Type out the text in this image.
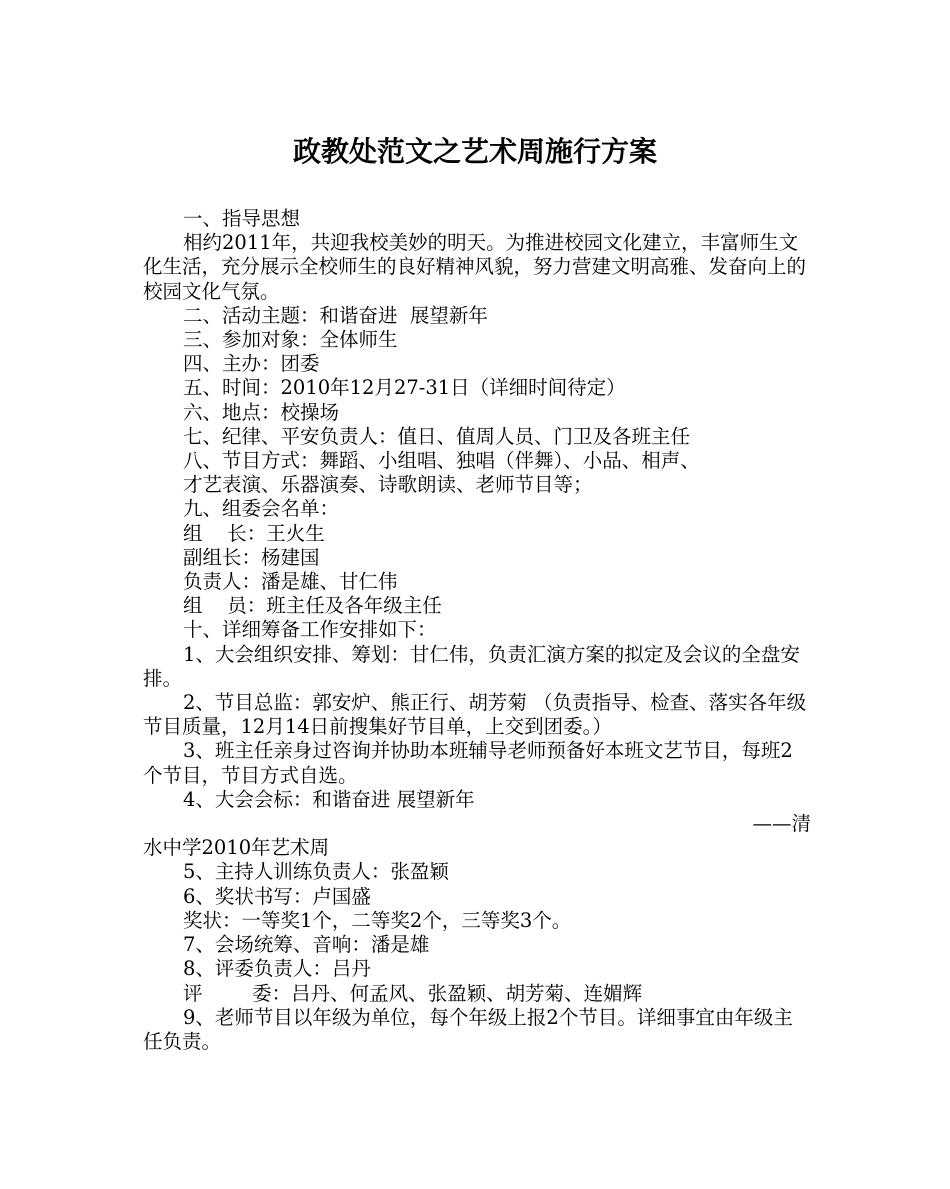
政教处范文之艺术周施行方案

一、指导思想

相约2011年，共迎我校美妙的明天。为推进校园文化建立，丰富师生文化生活，充分展示全校师生的良好精神风貌，努力营建文明高雅、发奋向上的校园文化气氛。

二、活动主题：和谐奋进  展望新年

三、参加对象：全体师生

四、主办：团委

五、时间：2010年12月27-31日（详细时间待定）

六、地点：校操场

七、纪律、平安负责人：值日、值周人员、门卫及各班主任

八、节目方式：舞蹈、小组唱、独唱（伴舞）、小品、相声、

才艺表演、乐器演奏、诗歌朗读、老师节目等；

九、组委会名单：

组    长：王火生

副组长：杨建国

负责人：潘是雄、甘仁伟

组    员：班主任及各年级主任

十、详细筹备工作安排如下：

1、大会组织安排、筹划：甘仁伟，负责汇演方案的拟定及会议的全盘安排。

2、节目总监：郭安炉、熊正行、胡芳菊 （负责指导、检查、落实各年级节目质量，12月14日前搜集好节目单，上交到团委。）

3、班主任亲身过咨询并协助本班辅导老师预备好本班文艺节目，每班2个节目，节目方式自选。

4、大会会标：和谐奋进 展望新年

——清

水中学2010年艺术周

5、主持人训练负责人：张盈颖

6、奖状书写：卢国盛

奖状：一等奖1个，二等奖2个，三等奖3个。

7、会场统筹、音响：潘是雄

8、评委负责人：吕丹

评        委：吕丹、何孟风、张盈颖、胡芳菊、连媚辉

9、老师节目以年级为单位，每个年级上报2个节目。详细事宜由年级主任负责。
